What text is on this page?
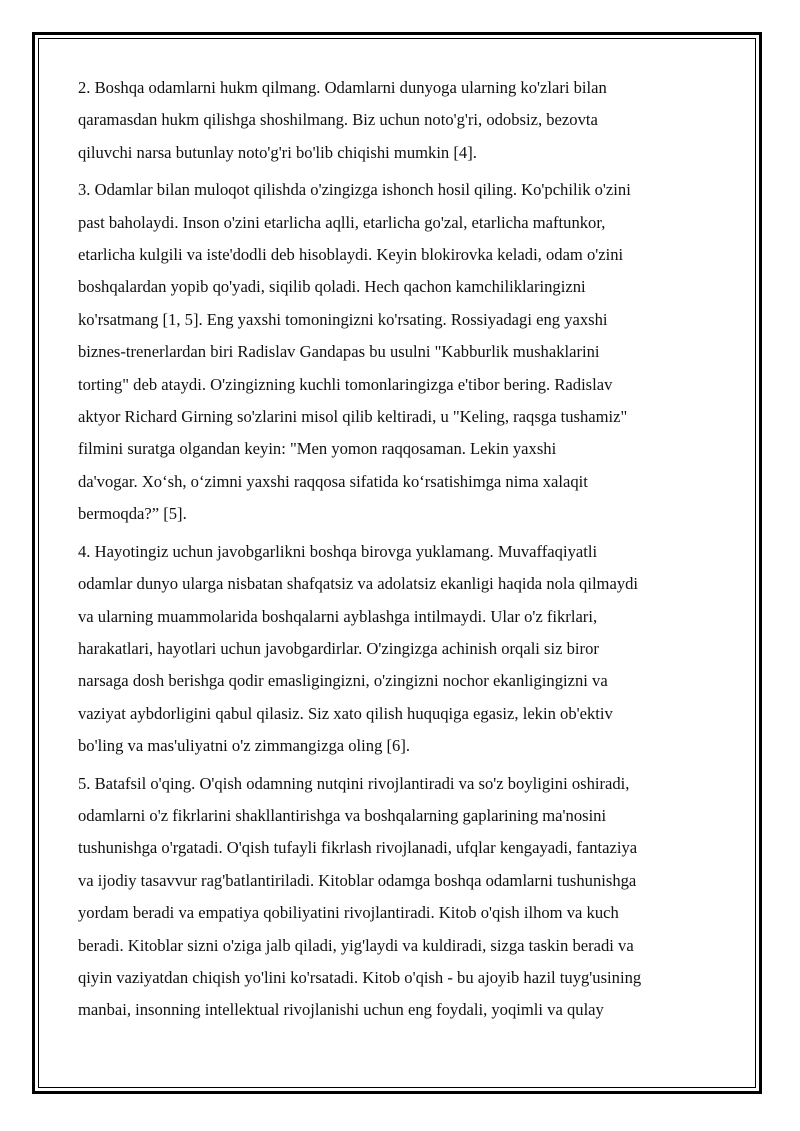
2. Boshqa odamlarni hukm qilmang. Odamlarni dunyoga ularning ko'zlari bilan
qaramasdan hukm qilishga shoshilmang. Biz uchun noto'g'ri, odobsiz, bezovta
qiluvchi narsa butunlay noto'g'ri bo'lib chiqishi mumkin [4].

3. Odamlar bilan muloqot qilishda o'zingizga ishonch hosil qiling. Ko'pchilik o'zini
past baholaydi. Inson o'zini etarlicha aqlli, etarlicha go'zal, etarlicha maftunkor,
etarlicha kulgili va iste'dodli deb hisoblaydi. Keyin blokirovka keladi, odam o'zini
boshqalardan yopib qo'yadi, siqilib qoladi. Hech qachon kamchiliklaringizni
ko'rsatmang [1, 5]. Eng yaxshi tomoningizni ko'rsating. Rossiyadagi eng yaxshi
biznes-trenerlardan biri Radislav Gandapas bu usulni "Kabburlik mushaklarini
torting" deb ataydi. O'zingizning kuchli tomonlaringizga e'tibor bering. Radislav
aktyor Richard Girning so'zlarini misol qilib keltiradi, u "Keling, raqsga tushamiz"
filmini suratga olgandan keyin: "Men yomon raqqosaman. Lekin yaxshi
da'vogar. Xo‘sh, o‘zimni yaxshi raqqosa sifatida ko‘rsatishimga nima xalaqit
bermoqda?” [5].

4. Hayotingiz uchun javobgarlikni boshqa birovga yuklamang. Muvaffaqiyatli
odamlar dunyo ularga nisbatan shafqatsiz va adolatsiz ekanligi haqida nola qilmaydi
va ularning muammolarida boshqalarni ayblashga intilmaydi. Ular o'z fikrlari,
harakatlari, hayotlari uchun javobgardirlar. O'zingizga achinish orqali siz biror
narsaga dosh berishga qodir emasligingizni, o'zingizni nochor ekanligingizni va
vaziyat aybdorligini qabul qilasiz. Siz xato qilish huquqiga egasiz, lekin ob'ektiv
bo'ling va mas'uliyatni o'z zimmangizga oling [6].

5. Batafsil o'qing. O'qish odamning nutqini rivojlantiradi va so'z boyligini oshiradi,
odamlarni o'z fikrlarini shakllantirishga va boshqalarning gaplarining ma'nosini
tushunishga o'rgatadi. O'qish tufayli fikrlash rivojlanadi, ufqlar kengayadi, fantaziya
va ijodiy tasavvur rag'batlantiriladi. Kitoblar odamga boshqa odamlarni tushunishga
yordam beradi va empatiya qobiliyatini rivojlantiradi. Kitob o'qish ilhom va kuch
beradi. Kitoblar sizni o'ziga jalb qiladi, yig'laydi va kuldiradi, sizga taskin beradi va
qiyin vaziyatdan chiqish yo'lini ko'rsatadi. Kitob o'qish - bu ajoyib hazil tuyg'usining
manbai, insonning intellektual rivojlanishi uchun eng foydali, yoqimli va qulay
